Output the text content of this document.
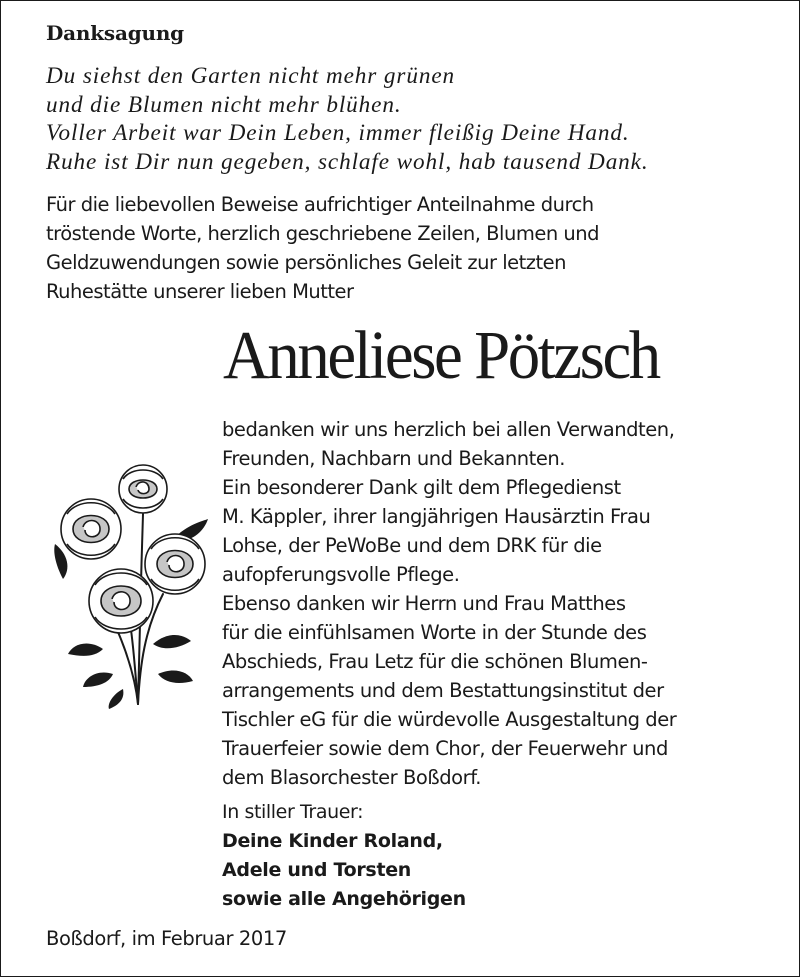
Danksagung
Du siehst den Garten nicht mehr grünen
und die Blumen nicht mehr blühen.
Voller Arbeit war Dein Leben, immer fleißig Deine Hand.
Ruhe ist Dir nun gegeben, schlafe wohl, hab tausend Dank.
Für die liebevollen Beweise aufrichtiger Anteilnahme durch
tröstende Worte, herzlich geschriebene Zeilen, Blumen und
Geldzuwendungen sowie persönliches Geleit zur letzten
Ruhestätte unserer lieben Mutter
Anneliese Pötzsch
bedanken wir uns herzlich bei allen Verwandten,
Freunden, Nachbarn und Bekannten.
Ein besonderer Dank gilt dem Pflegedienst
M. Käppler, ihrer langjährigen Hausärztin Frau
Lohse, der PeWoBe und dem DRK für die
aufopferungsvolle Pflege.
Ebenso danken wir Herrn und Frau Matthes
für die einfühlsamen Worte in der Stunde des
Abschieds, Frau Letz für die schönen Blumen-
arrangements und dem Bestattungsinstitut der
Tischler eG für die würdevolle Ausgestaltung der
Trauerfeier sowie dem Chor, der Feuerwehr und
dem Blasorchester Boßdorf.
In stiller Trauer:
Deine Kinder Roland,
Adele und Torsten
sowie alle Angehörigen
Boßdorf, im Februar 2017
